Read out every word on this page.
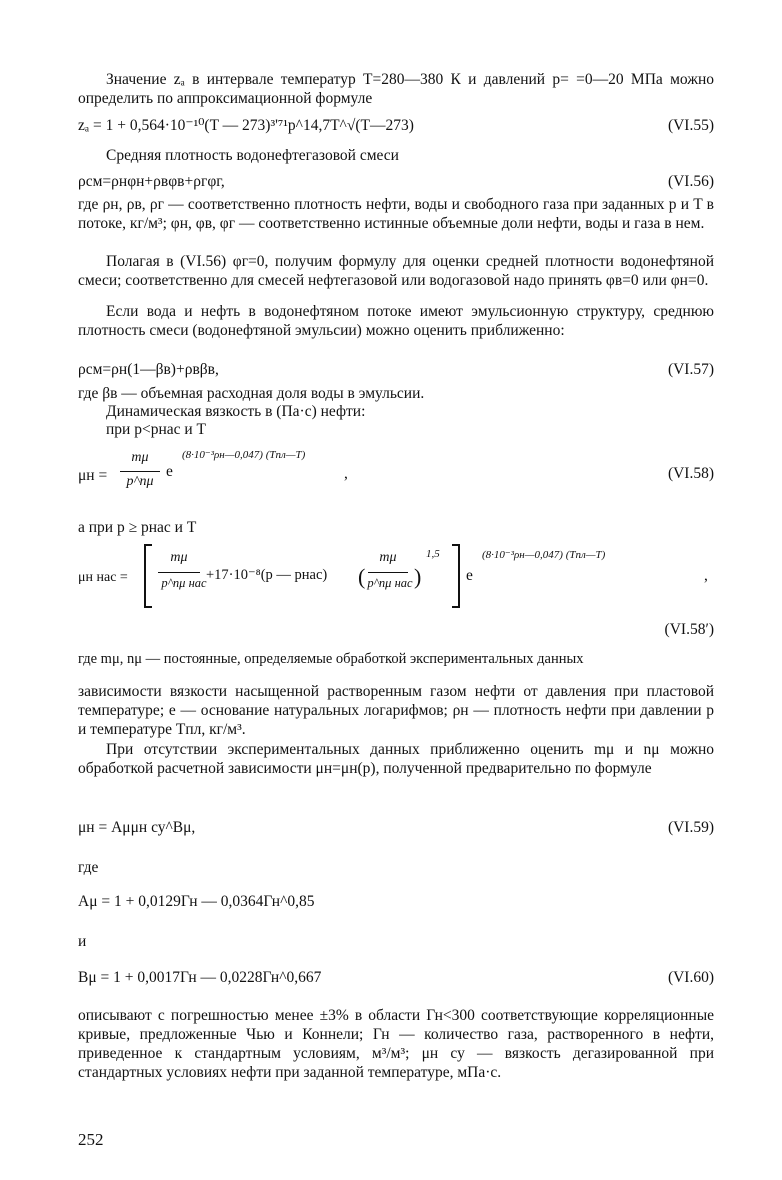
Значение zₐ в интервале температур T=280—380 К и давлений p= =0—20 МПа можно определить по аппроксимационной формуле
zₐ = 1 + 0,564·10⁻¹⁰(T — 273)³'⁷¹p^14,7T^√(T—273)	(VI.55)
Средняя плотность водонефтегазовой смеси
ρсм=ρнφн+ρвφв+ρгφг,	(VI.56)
где ρн, ρв, ρг — соответственно плотность нефти, воды и свободного газа при заданных p и T в потоке, кг/м³; φн, φв, φг — соответственно истинные объемные доли нефти, воды и газа в нем.
Полагая в (VI.56) φг=0, получим формулу для оценки средней плотности водонефтяной смеси; соответственно для смесей нефтегазовой или водогазовой надо принять φв=0 или φн=0.
Если вода и нефть в водонефтяном потоке имеют эмульсионную структуру, среднюю плотность смеси (водонефтяной эмульсии) можно оценить приближенно:
ρсм=ρн(1—βв)+ρвβв,	(VI.57)
где βв — объемная расходная доля воды в эмульсии.
Динамическая вязкость в (Па·с) нефти:
при p<pнас и T
μн =
mμ
p^nμ
e
(8·10⁻³ρн—0,047) (Tпл—T)
,	(VI.58)
а при p ≥ pнас и T
μн нас =
mμ
p^nμ нас +17·10⁻⁸(p — pнас)	(
mμ
p^nμ нас )
1,5
e
(8·10⁻³ρн—0,047) (Tпл—T)
,
(VI.58′)
где mμ, nμ — постоянные, определяемые обработкой экспериментальных данных
зависимости вязкости насыщенной растворенным газом нефти от давления при пластовой температуре; e — основание натуральных логарифмов; ρн — плотность нефти при давлении p и температуре Tпл, кг/м³.
При отсутствии экспериментальных данных приближенно оценить mμ и nμ можно обработкой расчетной зависимости μн=μн(p), полученной предварительно по формуле
μн = Aμμн су^Bμ,	(VI.59)
где
Aμ = 1 + 0,0129Гн — 0,0364Гн^0,85
и
Bμ = 1 + 0,0017Гн — 0,0228Гн^0,667	(VI.60)
описывают с погрешностью менее ±3% в области Гн<300 соответствующие корреляционные кривые, предложенные Чью и Коннели; Гн — количество газа, растворенного в нефти, приведенное к стандартным условиям, м³/м³; μн су — вязкость дегазированной при стандартных условиях нефти при заданной температуре, мПа·с.
252
